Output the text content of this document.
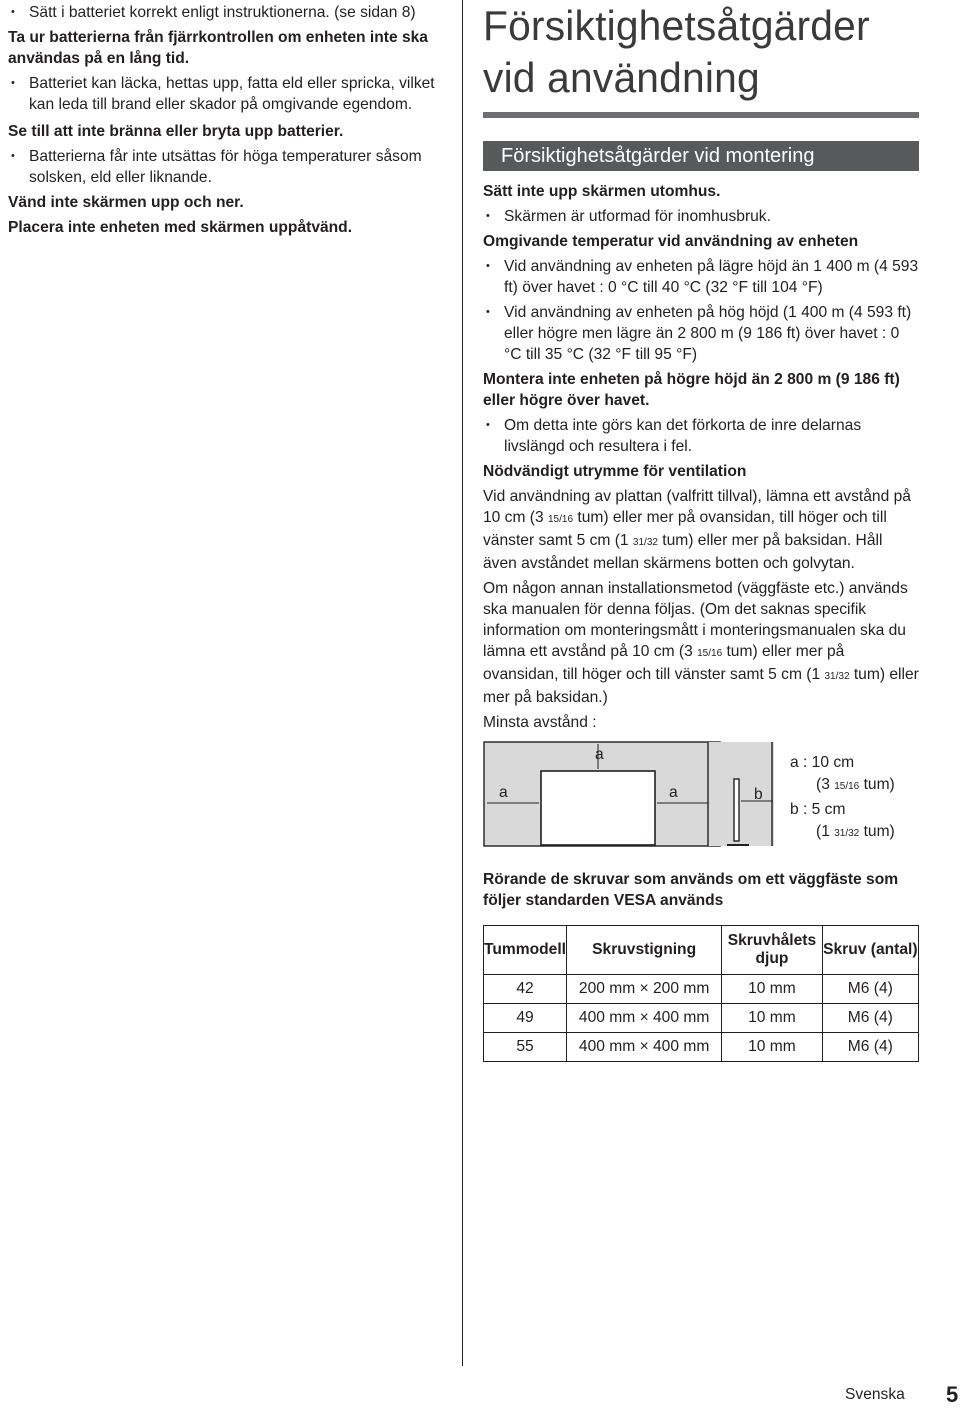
• Sätt i batteriet korrekt enligt instruktionerna. (se sidan 8)

Ta ur batterierna från fjärrkontrollen om enheten inte ska användas på en lång tid.

• Batteriet kan läcka, hettas upp, fatta eld eller spricka, vilket kan leda till brand eller skador på omgivande egendom.

Se till att inte bränna eller bryta upp batterier.

• Batterierna får inte utsättas för höga temperaturer såsom solsken, eld eller liknande.

Vänd inte skärmen upp och ner.

Placera inte enheten med skärmen uppåtvänd.

Försiktighetsåtgärder

vid användning

Försiktighetsåtgärder vid montering

Sätt inte upp skärmen utomhus.

• Skärmen är utformad för inomhusbruk.

Omgivande temperatur vid användning av enheten

• Vid användning av enheten på lägre höjd än 1 400 m (4 593 ft) över havet : 0 °C till 40 °C (32 °F till 104 °F)

• Vid användning av enheten på hög höjd (1 400 m (4 593 ft) eller högre men lägre än 2 800 m (9 186 ft) över havet : 0 °C till 35 °C (32 °F till 95 °F)

Montera inte enheten på högre höjd än 2 800 m (9 186 ft) eller högre över havet.

• Om detta inte görs kan det förkorta de inre delarnas livslängd och resultera i fel.

Nödvändigt utrymme för ventilation

Vid användning av plattan (valfritt tillval), lämna ett avstånd på 10 cm (3 15/16 tum) eller mer på ovansidan, till höger och till vänster samt 5 cm (1 31/32 tum) eller mer på baksidan. Håll även avståndet mellan skärmens botten och golvytan.

Om någon annan installationsmetod (väggfäste etc.) används ska manualen för denna följas. (Om det saknas specifik information om monteringsmått i monteringsmanualen ska du lämna ett avstånd på 10 cm (3 15/16 tum) eller mer på ovansidan, till höger och till vänster samt 5 cm (1 31/32 tum) eller mer på baksidan.)

Minsta avstånd :

a
a	a	b
a : 10 cm
(3 15/16 tum)
b : 5 cm
(1 31/32 tum)

Rörande de skruvar som används om ett väggfäste som följer standarden VESA används

Tummodell	Skruvstigning	Skruvhålets djup	Skruv (antal)
42	200 mm × 200 mm	10 mm	M6 (4)
49	400 mm × 400 mm	10 mm	M6 (4)
55	400 mm × 400 mm	10 mm	M6 (4)
Svenska 5
